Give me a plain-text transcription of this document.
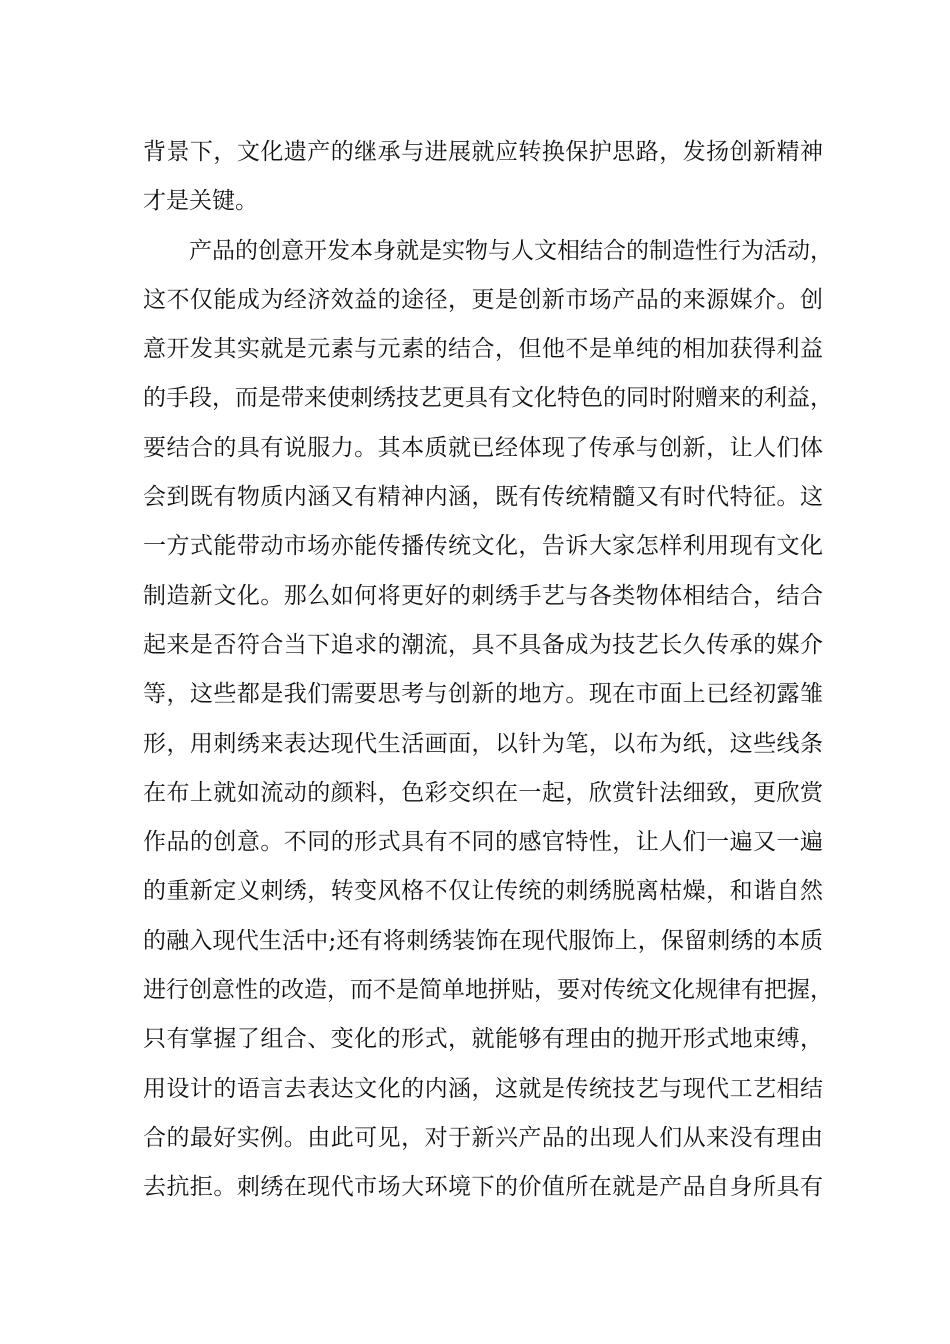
背景下，文化遗产的继承与进展就应转换保护思路，发扬创新精神
才是关键。
产品的创意开发本身就是实物与人文相结合的制造性行为活动，
这不仅能成为经济效益的途径，更是创新市场产品的来源媒介。创
意开发其实就是元素与元素的结合，但他不是单纯的相加获得利益
的手段，而是带来使刺绣技艺更具有文化特色的同时附赠来的利益，
要结合的具有说服力。其本质就已经体现了传承与创新，让人们体
会到既有物质内涵又有精神内涵，既有传统精髓又有时代特征。这
一方式能带动市场亦能传播传统文化，告诉大家怎样利用现有文化
制造新文化。那么如何将更好的刺绣手艺与各类物体相结合，结合
起来是否符合当下追求的潮流，具不具备成为技艺长久传承的媒介
等，这些都是我们需要思考与创新的地方。现在市面上已经初露雏
形，用刺绣来表达现代生活画面，以针为笔，以布为纸，这些线条
在布上就如流动的颜料，色彩交织在一起，欣赏针法细致，更欣赏
作品的创意。不同的形式具有不同的感官特性，让人们一遍又一遍
的重新定义刺绣，转变风格不仅让传统的刺绣脱离枯燥，和谐自然
的融入现代生活中;还有将刺绣装饰在现代服饰上，保留刺绣的本质
进行创意性的改造，而不是简单地拼贴，要对传统文化规律有把握，
只有掌握了组合、变化的形式，就能够有理由的抛开形式地束缚，
用设计的语言去表达文化的内涵，这就是传统技艺与现代工艺相结
合的最好实例。由此可见，对于新兴产品的出现人们从来没有理由
去抗拒。刺绣在现代市场大环境下的价值所在就是产品自身所具有
